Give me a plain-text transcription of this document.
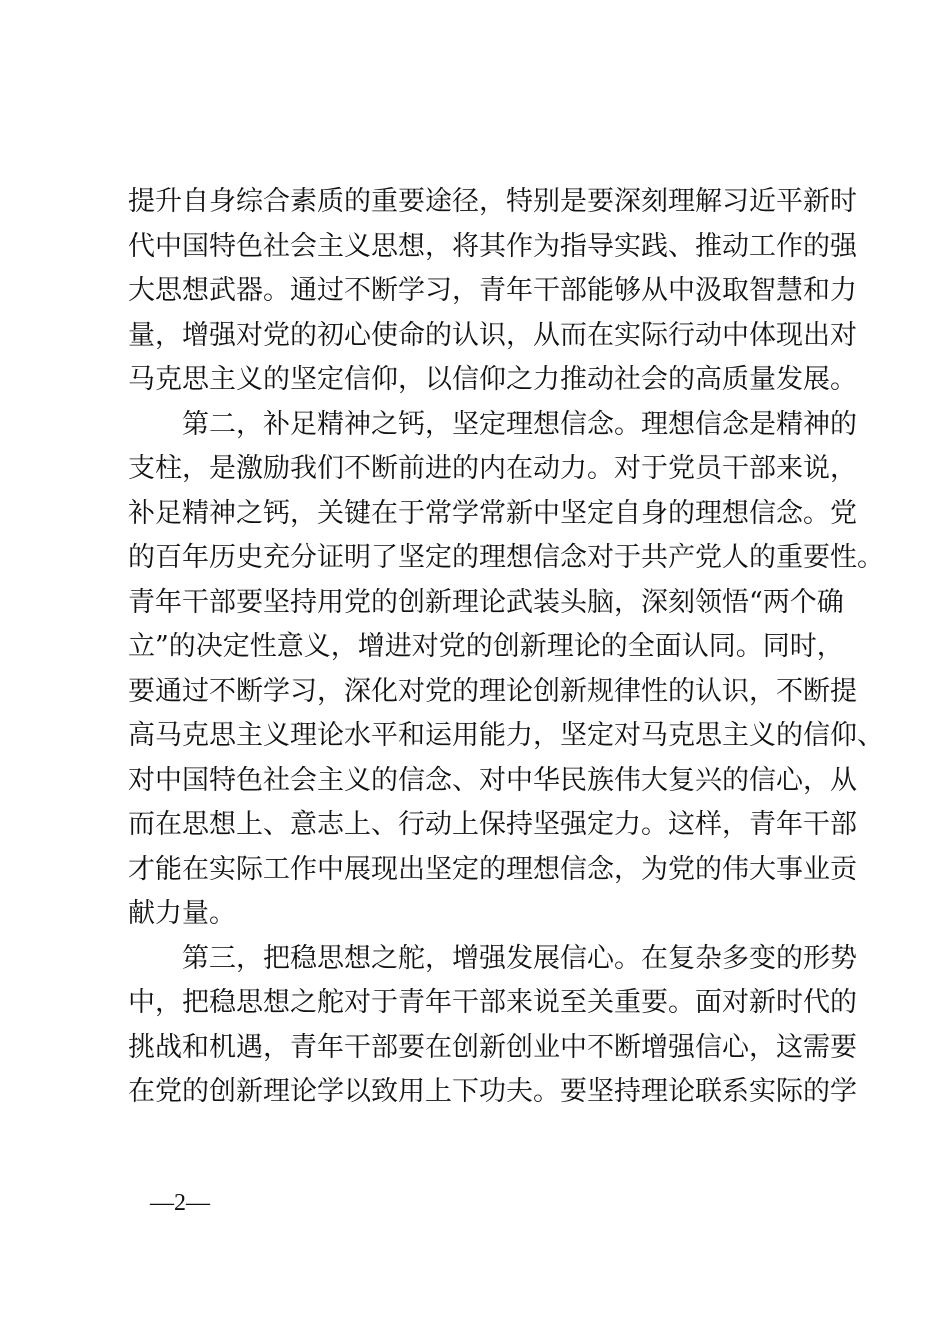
提升自身综合素质的重要途径，特别是要深刻理解习近平新时
代中国特色社会主义思想，将其作为指导实践、推动工作的强
大思想武器。通过不断学习，青年干部能够从中汲取智慧和力
量，增强对党的初心使命的认识，从而在实际行动中体现出对
马克思主义的坚定信仰，以信仰之力推动社会的高质量发展。
　　第二，补足精神之钙，坚定理想信念。理想信念是精神的
支柱，是激励我们不断前进的内在动力。对于党员干部来说，
补足精神之钙，关键在于常学常新中坚定自身的理想信念。党
的百年历史充分证明了坚定的理想信念对于共产党人的重要性。
青年干部要坚持用党的创新理论武装头脑，深刻领悟“两个确
立”的决定性意义，增进对党的创新理论的全面认同。同时，
要通过不断学习，深化对党的理论创新规律性的认识，不断提
高马克思主义理论水平和运用能力，坚定对马克思主义的信仰、
对中国特色社会主义的信念、对中华民族伟大复兴的信心，从
而在思想上、意志上、行动上保持坚强定力。这样，青年干部
才能在实际工作中展现出坚定的理想信念，为党的伟大事业贡
献力量。
　　第三，把稳思想之舵，增强发展信心。在复杂多变的形势
中，把稳思想之舵对于青年干部来说至关重要。面对新时代的
挑战和机遇，青年干部要在创新创业中不断增强信心，这需要
在党的创新理论学以致用上下功夫。要坚持理论联系实际的学
—2—
